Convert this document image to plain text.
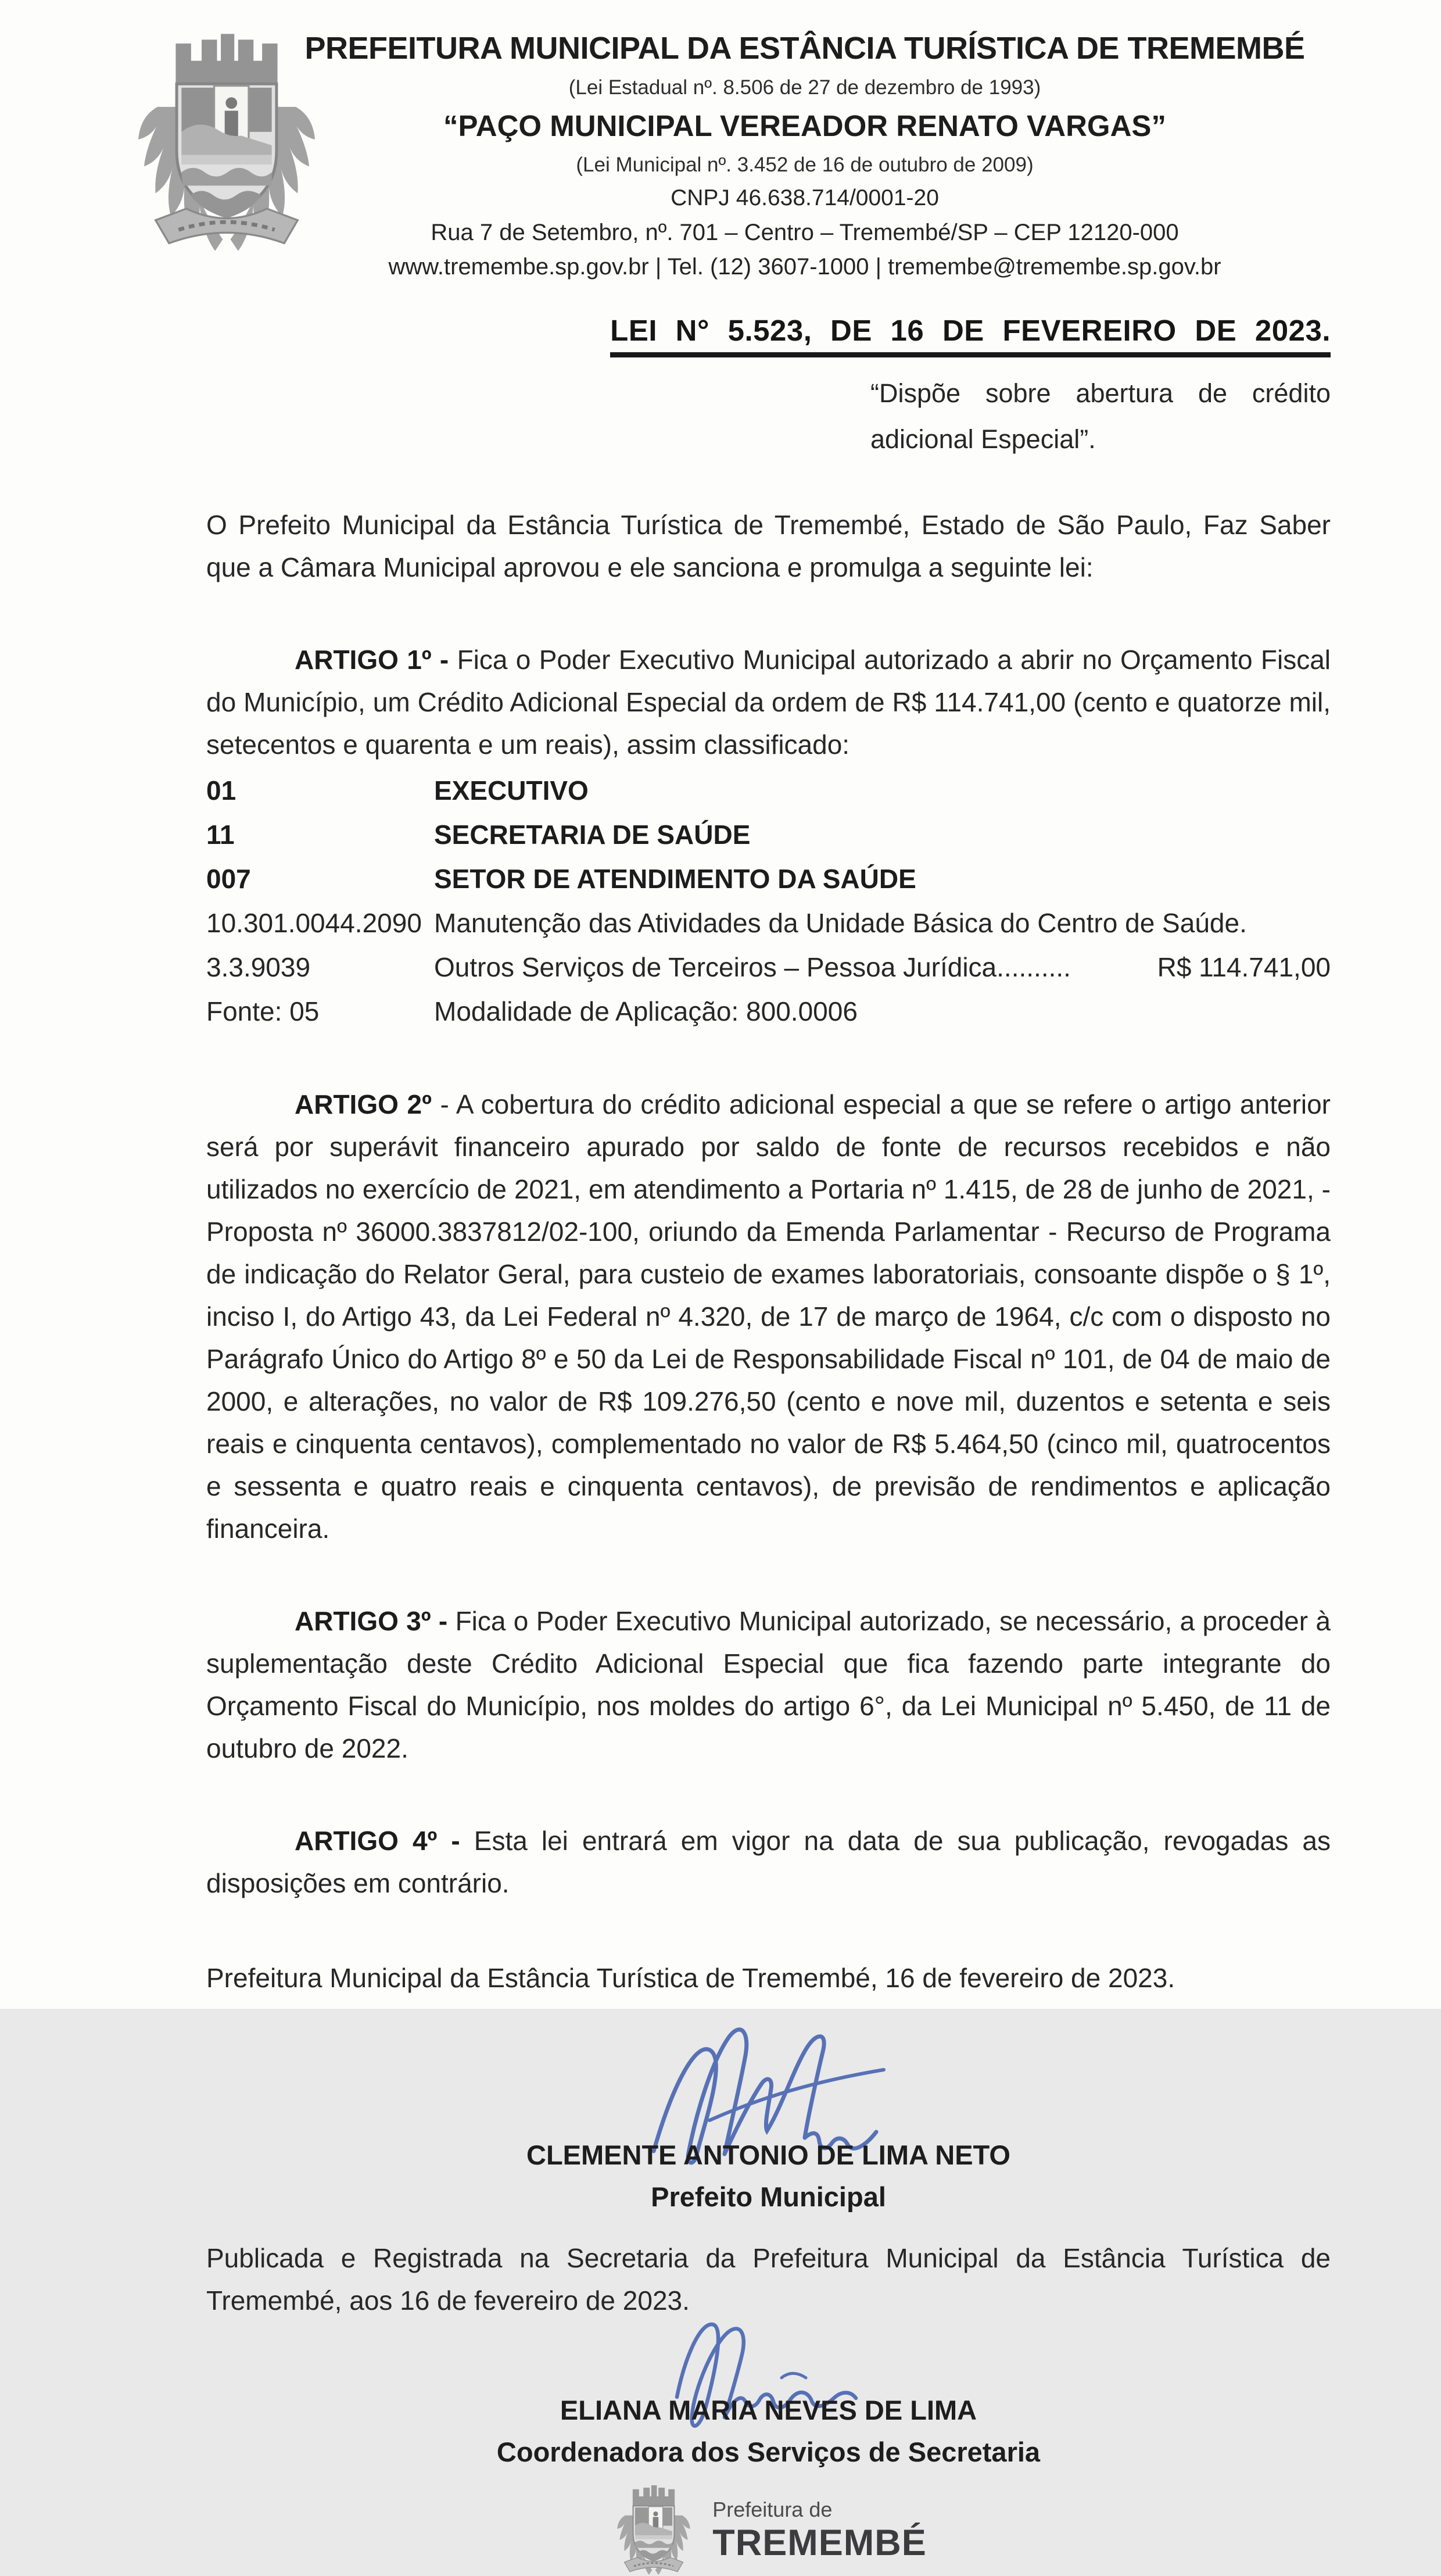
PREFEITURA MUNICIPAL DA ESTÂNCIA TURÍSTICA DE TREMEMBÉ
(Lei Estadual nº. 8.506 de 27 de dezembro de 1993)
“PAÇO MUNICIPAL VEREADOR RENATO VARGAS”
(Lei Municipal nº. 3.452 de 16 de outubro de 2009)
CNPJ 46.638.714/0001-20
Rua 7 de Setembro, nº. 701 – Centro – Tremembé/SP – CEP 12120-000
www.tremembe.sp.gov.br | Tel. (12) 3607-1000 | tremembe@tremembe.sp.gov.br
LEI N° 5.523, DE 16 DE FEVEREIRO DE 2023.
“Dispõe sobre abertura de crédito adicional Especial”.

O Prefeito Municipal da Estância Turística de Tremembé, Estado de São Paulo, Faz Saber que a Câmara Municipal aprovou e ele sanciona e promulga a seguinte lei:

ARTIGO 1º - Fica o Poder Executivo Municipal autorizado a abrir no Orçamento Fiscal do Município, um Crédito Adicional Especial da ordem de R$ 114.741,00 (cento e quatorze mil, setecentos e quarenta e um reais), assim classificado:

01	EXECUTIVO
11	SECRETARIA DE SAÚDE
007	SETOR DE ATENDIMENTO DA SAÚDE
10.301.0044.2090 Manutenção das Atividades da Unidade Básica do Centro de Saúde.
3.3.9039	Outros Serviços de Terceiros – Pessoa Jurídica..........	R$ 114.741,00
Fonte: 05	Modalidade de Aplicação: 800.0006

ARTIGO 2º - A cobertura do crédito adicional especial a que se refere o artigo anterior será por superávit financeiro apurado por saldo de fonte de recursos recebidos e não utilizados no exercício de 2021, em atendimento a Portaria nº 1.415, de 28 de junho de 2021, - Proposta nº 36000.3837812/02-100, oriundo da Emenda Parlamentar - Recurso de Programa de indicação do Relator Geral, para custeio de exames laboratoriais, consoante dispõe o § 1º, inciso I, do Artigo 43, da Lei Federal nº 4.320, de 17 de março de 1964, c/c com o disposto no Parágrafo Único do Artigo 8º e 50 da Lei de Responsabilidade Fiscal nº 101, de 04 de maio de 2000, e alterações, no valor de R$ 109.276,50 (cento e nove mil, duzentos e setenta e seis reais e cinquenta centavos), complementado no valor de R$ 5.464,50 (cinco mil, quatrocentos e sessenta e quatro reais e cinquenta centavos), de previsão de rendimentos e aplicação financeira.

ARTIGO 3º - Fica o Poder Executivo Municipal autorizado, se necessário, a proceder à suplementação deste Crédito Adicional Especial que fica fazendo parte integrante do Orçamento Fiscal do Município, nos moldes do artigo 6°, da Lei Municipal nº 5.450, de 11 de outubro de 2022.

ARTIGO 4º - Esta lei entrará em vigor na data de sua publicação, revogadas as disposições em contrário.

Prefeitura Municipal da Estância Turística de Tremembé, 16 de fevereiro de 2023.

CLEMENTE ANTONIO DE LIMA NETO
Prefeito Municipal

Publicada e Registrada na Secretaria da Prefeitura Municipal da Estância Turística de Tremembé, aos 16 de fevereiro de 2023.

ELIANA MARIA NEVES DE LIMA
Coordenadora dos Serviços de Secretaria
Prefeitura de
TREMEMBÉ
